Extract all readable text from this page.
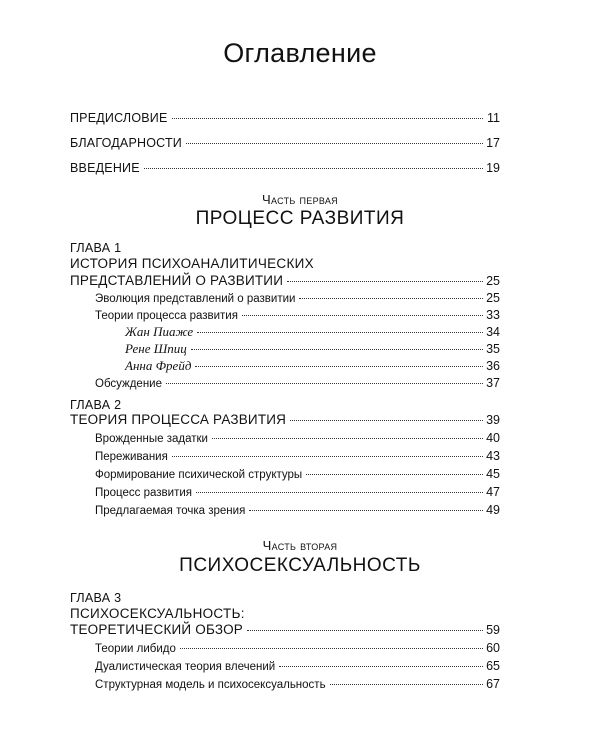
Оглавление
ПРЕДИСЛОВИЕ	11
БЛАГОДАРНОСТИ	17
ВВЕДЕНИЕ	19
Часть первая
ПРОЦЕСС РАЗВИТИЯ
ГЛАВА 1
ИСТОРИЯ ПСИХОАНАЛИТИЧЕСКИХ
ПРЕДСТАВЛЕНИЙ О РАЗВИТИИ	25
Эволюция представлений о развитии	25
Теории процесса развития	33
Жан Пиаже	34
Рене Шпиц	35
Анна Фрейд	36
Обсуждение	37
ГЛАВА 2
ТЕОРИЯ ПРОЦЕССА РАЗВИТИЯ	39
Врожденные задатки	40
Переживания	43
Формирование психической структуры	45
Процесс развития	47
Предлагаемая точка зрения	49
Часть вторая
ПСИХОСЕКСУАЛЬНОСТЬ
ГЛАВА 3
ПСИХОСЕКСУАЛЬНОСТЬ:
ТЕОРЕТИЧЕСКИЙ ОБЗОР	59
Теории либидо	60
Дуалистическая теория влечений	65
Структурная модель и психосексуальность	67
